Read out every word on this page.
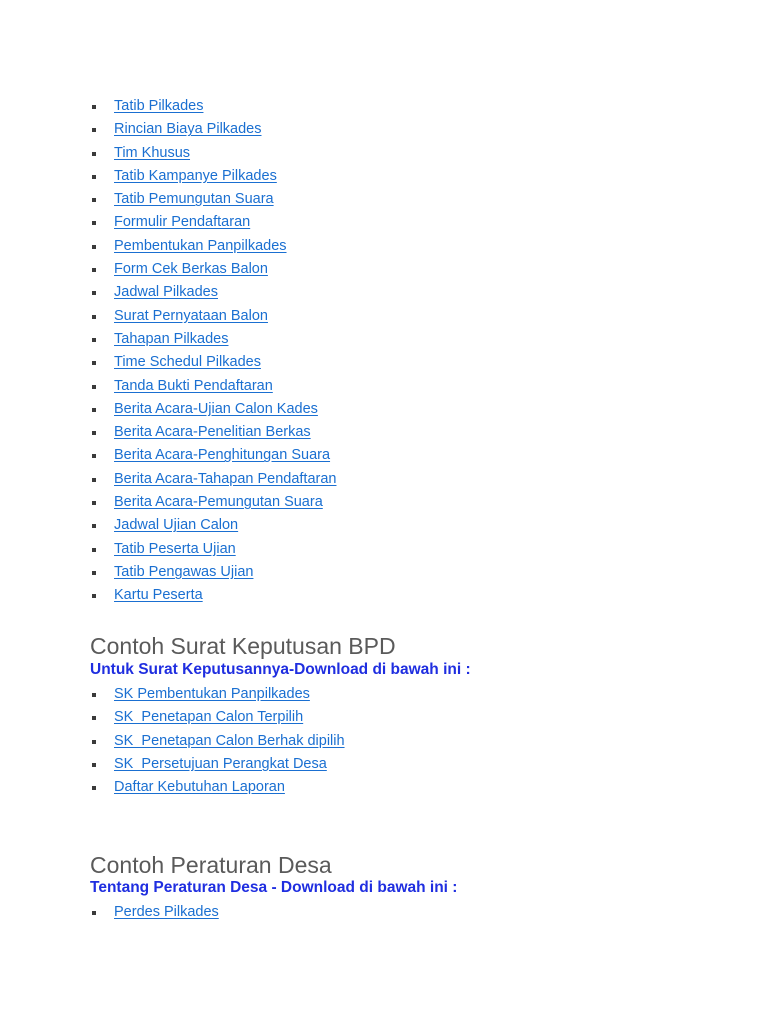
Tatib Pilkades
Rincian Biaya Pilkades
Tim Khusus
Tatib Kampanye Pilkades
Tatib Pemungutan Suara
Formulir Pendaftaran
Pembentukan Panpilkades
Form Cek Berkas Balon
Jadwal Pilkades
Surat Pernyataan Balon
Tahapan Pilkades
Time Schedul Pilkades
Tanda Bukti Pendaftaran
Berita Acara-Ujian Calon Kades
Berita Acara-Penelitian Berkas
Berita Acara-Penghitungan Suara
Berita Acara-Tahapan Pendaftaran
Berita Acara-Pemungutan Suara
Jadwal Ujian Calon
Tatib Peserta Ujian
Tatib Pengawas Ujian
Kartu Peserta
Contoh Surat Keputusan BPD
Untuk Surat Keputusannya-Download di bawah ini :
SK Pembentukan Panpilkades
SK_Penetapan Calon Terpilih
SK_Penetapan Calon Berhak dipilih
SK_Persetujuan Perangkat Desa
Daftar Kebutuhan Laporan
Contoh Peraturan Desa
Tentang Peraturan Desa - Download di bawah ini :
Perdes Pilkades
